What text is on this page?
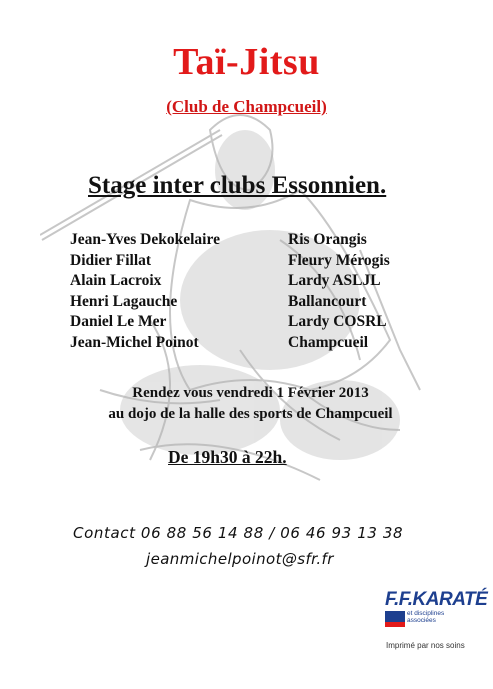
Taï-Jitsu
(Club de Champcueil)
Stage inter clubs Essonnien.
Jean-Yves Dekokelaire	Ris Orangis
Didier Fillat	Fleury Mérogis
Alain Lacroix	Lardy ASLJL
Henri Lagauche	Ballancourt
Daniel Le Mer	Lardy COSRL
Jean-Michel Poinot	Champcueil
Rendez vous vendredi 1 Février 2013
au dojo de la halle des sports de Champcueil
De 19h30 à 22h.
Contact 06 88 56 14 88 / 06 46 93 13 38
jeanmichelpoinot@sfr.fr
F.F.KARATÉ
et disciplines associées
Imprimé par nos soins
